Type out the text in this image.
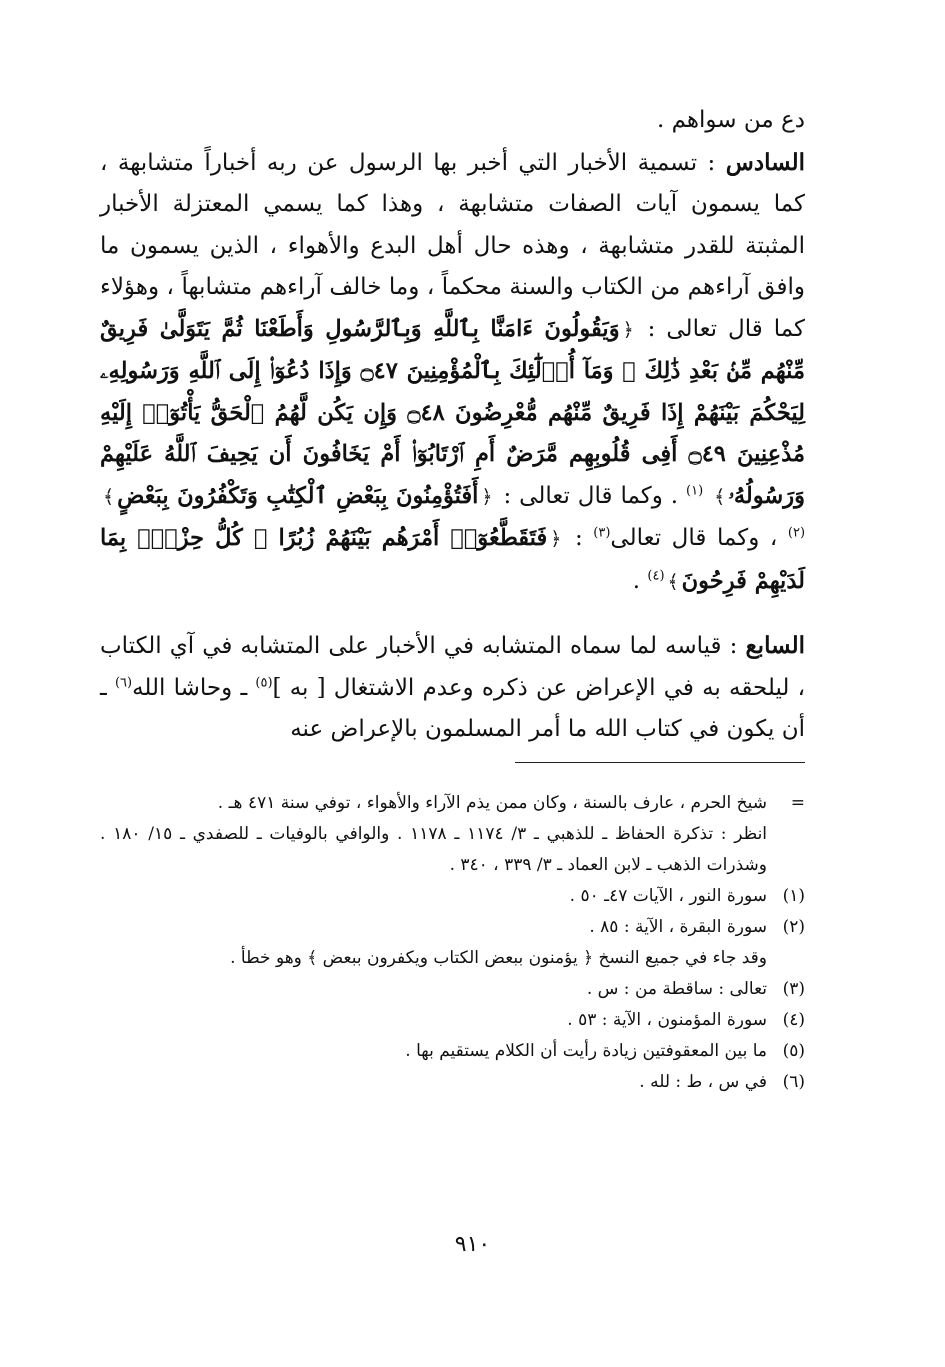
دع من سواهم .

السادس : تسمية الأخبار التي أخبر بها الرسول عن ربه أخباراً متشابهة ، كما يسمون آيات الصفات متشابهة ، وهذا كما يسمي المعتزلة الأخبار المثبتة للقدر متشابهة ، وهذه حال أهل البدع والأهواء ، الذين يسمون ما وافق آراءهم من الكتاب والسنة محكماً ، وما خالف آراءهم متشابهاً ، وهؤلاء كما قال تعالى : ﴿وَيَقُولُونَ ءَامَنَّا بِٱللَّهِ وَبِٱلرَّسُولِ وَأَطَعْنَا ثُمَّ يَتَوَلَّىٰ فَرِيقٌ مِّنْهُم مِّنۢ بَعْدِ ذَٰلِكَ ۚ وَمَآ أُو۟لَٰٓئِكَ بِٱلْمُؤْمِنِينَ ۝٤٧ وَإِذَا دُعُوٓا۟ إِلَى ٱللَّهِ وَرَسُولِهِۦ لِيَحْكُمَ بَيْنَهُمْ إِذَا فَرِيقٌ مِّنْهُم مُّعْرِضُونَ ۝٤٨ وَإِن يَكُن لَّهُمُ ٱلْحَقُّ يَأْتُوٓا۟ إِلَيْهِ مُذْعِنِينَ ۝٤٩ أَفِى قُلُوبِهِم مَّرَضٌ أَمِ ٱرْتَابُوٓا۟ أَمْ يَخَافُونَ أَن يَحِيفَ ٱللَّهُ عَلَيْهِمْ وَرَسُولُهُۥ﴾ $^{(١)}$ . وكما قال تعالى : ﴿أَفَتُؤْمِنُونَ بِبَعْضِ ٱلْكِتَٰبِ وَتَكْفُرُونَ بِبَعْضٍ﴾$^{(٢)}$ ، وكما قال تعالى$^{(٣)}$ : ﴿فَتَقَطَّعُوٓا۟ أَمْرَهُم بَيْنَهُمْ زُبُرًا ۖ كُلُّ حِزْبٍۭ بِمَا لَدَيْهِمْ فَرِحُونَ﴾$^{(٤)}$ .

السابع : قياسه لما سماه المتشابه في الأخبار على المتشابه في آي الكتاب ، ليلحقه به في الإعراض عن ذكره وعدم الاشتغال [ به ]$^{(٥)}$ ـ وحاشا الله$^{(٦)}$ ـ أن يكون في كتاب الله ما أمر المسلمون بالإعراض عنه

=
شيخ الحرم ، عارف بالسنة ، وكان ممن يذم الآراء والأهواء ، توفي سنة ٤٧١ هـ .
انظر : تذكرة الحفاظ ـ للذهبي ـ ٣/ ١١٧٤ ـ ١١٧٨ . والوافي بالوفيات ـ للصفدي ـ ١٥/ ١٨٠ . وشذرات الذهب ـ لابن العماد ـ ٣/ ٣٣٩ ، ٣٤٠ .
(١)
سورة النور ، الآيات ٤٧ـ ٥٠ .
(٢)
سورة البقرة ، الآية : ٨٥ .
وقد جاء في جميع النسخ ﴿ يؤمنون ببعض الكتاب ويكفرون ببعض ﴾ وهو خطأ .
(٣)
تعالى : ساقطة من : س .
(٤)
سورة المؤمنون ، الآية : ٥٣ .
(٥)
ما بين المعقوفتين زيادة رأيت أن الكلام يستقيم بها .
(٦)
في س ، ط : لله .
٩١٠
